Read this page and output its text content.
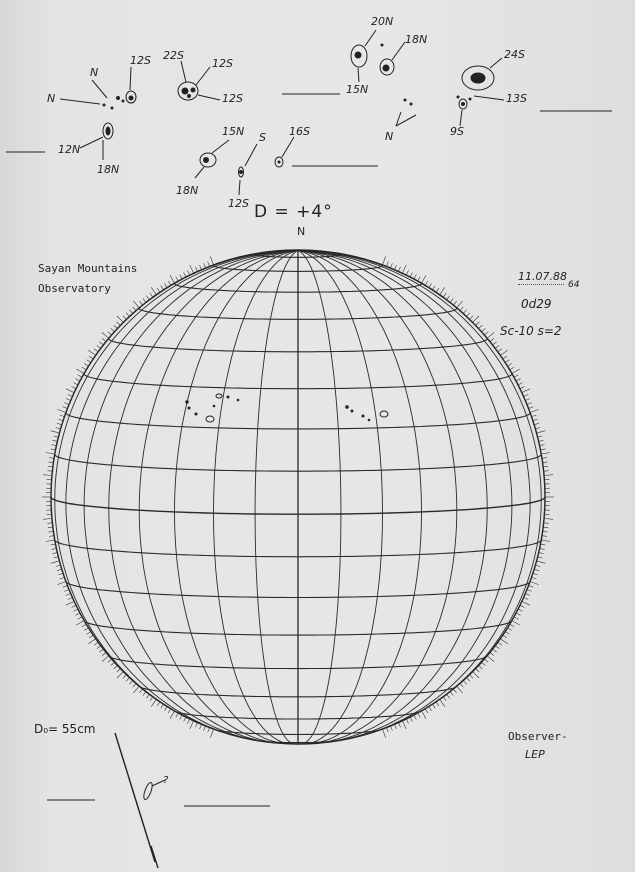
N
N
12S
12N
18N
22S
12S
12S
15N S 16S
18N
12S
20N
18N
15N
N
24S
13S
9S
D = +4°
N
Sayan Mountains
Observatory
11.07.88
64
0d29
Sc-10 s=2
D₀= 55cm
Observer-
LEP
?
